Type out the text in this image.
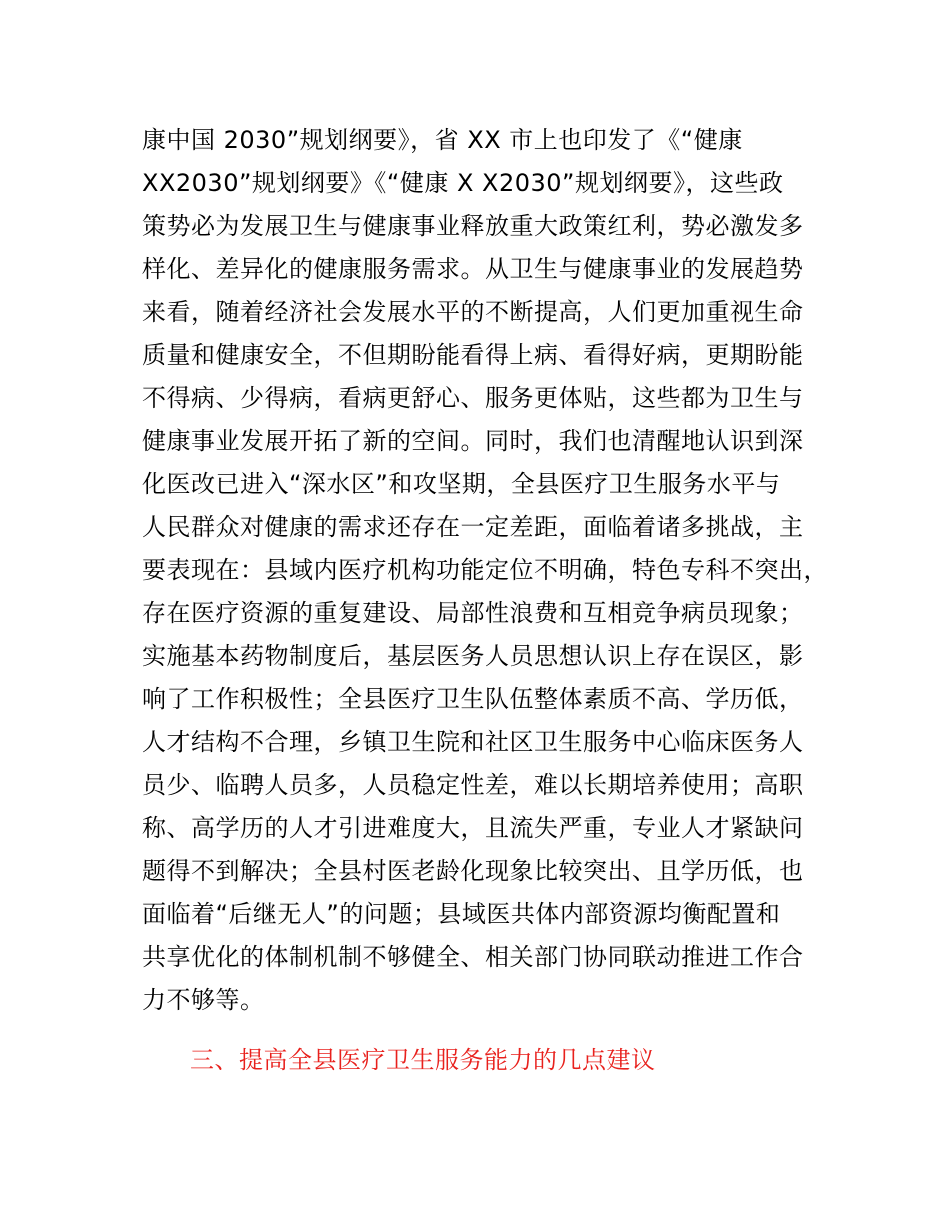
康中国 2030”规划纲要》，省 XX 市上也印发了《“健康
XX2030”规划纲要》《“健康 X X2030”规划纲要》，这些政
策势必为发展卫生与健康事业释放重大政策红利，势必激发多
样化、差异化的健康服务需求。从卫生与健康事业的发展趋势
来看，随着经济社会发展水平的不断提高，人们更加重视生命
质量和健康安全，不但期盼能看得上病、看得好病，更期盼能
不得病、少得病，看病更舒心、服务更体贴，这些都为卫生与
健康事业发展开拓了新的空间。同时，我们也清醒地认识到深
化医改已进入“深水区”和攻坚期，全县医疗卫生服务水平与
人民群众对健康的需求还存在一定差距，面临着诸多挑战，主
要表现在：县域内医疗机构功能定位不明确，特色专科不突出，
存在医疗资源的重复建设、局部性浪费和互相竞争病员现象；
实施基本药物制度后，基层医务人员思想认识上存在误区，影
响了工作积极性；全县医疗卫生队伍整体素质不高、学历低，
人才结构不合理，乡镇卫生院和社区卫生服务中心临床医务人
员少、临聘人员多，人员稳定性差，难以长期培养使用；高职
称、高学历的人才引进难度大，且流失严重，专业人才紧缺问
题得不到解决；全县村医老龄化现象比较突出、且学历低，也
面临着“后继无人”的问题；县域医共体内部资源均衡配置和
共享优化的体制机制不够健全、相关部门协同联动推进工作合
力不够等。
三、提高全县医疗卫生服务能力的几点建议
